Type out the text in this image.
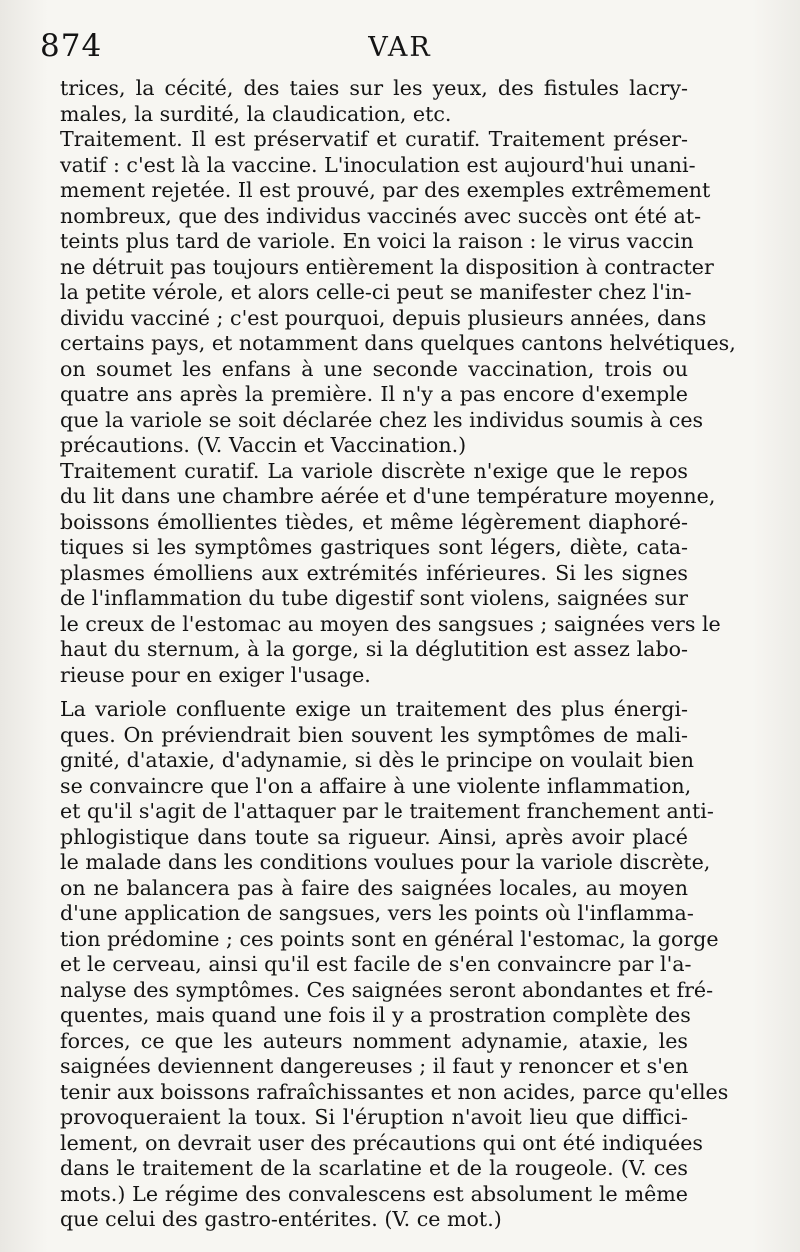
874	VAR
trices, la cécité, des taies sur les yeux, des fistules lacry-
males, la surdité, la claudication, etc.
Traitement. Il est préservatif et curatif. Traitement préser-
vatif : c'est là la vaccine. L'inoculation est aujourd'hui unani-
mement rejetée. Il est prouvé, par des exemples extrêmement
nombreux, que des individus vaccinés avec succès ont été at-
teints plus tard de variole. En voici la raison : le virus vaccin
ne détruit pas toujours entièrement la disposition à contracter
la petite vérole, et alors celle-ci peut se manifester chez l'in-
dividu vacciné ; c'est pourquoi, depuis plusieurs années, dans
certains pays, et notamment dans quelques cantons helvétiques,
on soumet les enfans à une seconde vaccination, trois ou
quatre ans après la première. Il n'y a pas encore d'exemple
que la variole se soit déclarée chez les individus soumis à ces
précautions. (V. Vaccin et Vaccination.)
Traitement curatif. La variole discrète n'exige que le repos
du lit dans une chambre aérée et d'une température moyenne,
boissons émollientes tièdes, et même légèrement diaphoré-
tiques si les symptômes gastriques sont légers, diète, cata-
plasmes émolliens aux extrémités inférieures. Si les signes
de l'inflammation du tube digestif sont violens, saignées sur
le creux de l'estomac au moyen des sangsues ; saignées vers le
haut du sternum, à la gorge, si la déglutition est assez labo-
rieuse pour en exiger l'usage.
La variole confluente exige un traitement des plus énergi-
ques. On préviendrait bien souvent les symptômes de mali-
gnité, d'ataxie, d'adynamie, si dès le principe on voulait bien
se convaincre que l'on a affaire à une violente inflammation,
et qu'il s'agit de l'attaquer par le traitement franchement anti-
phlogistique dans toute sa rigueur. Ainsi, après avoir placé
le malade dans les conditions voulues pour la variole discrète,
on ne balancera pas à faire des saignées locales, au moyen
d'une application de sangsues, vers les points où l'inflamma-
tion prédomine ; ces points sont en général l'estomac, la gorge
et le cerveau, ainsi qu'il est facile de s'en convaincre par l'a-
nalyse des symptômes. Ces saignées seront abondantes et fré-
quentes, mais quand une fois il y a prostration complète des
forces, ce que les auteurs nomment adynamie, ataxie, les
saignées deviennent dangereuses ; il faut y renoncer et s'en
tenir aux boissons rafraîchissantes et non acides, parce qu'elles
provoqueraient la toux. Si l'éruption n'avoit lieu que diffici-
lement, on devrait user des précautions qui ont été indiquées
dans le traitement de la scarlatine et de la rougeole. (V. ces
mots.) Le régime des convalescens est absolument le même
que celui des gastro-entérites. (V. ce mot.)
